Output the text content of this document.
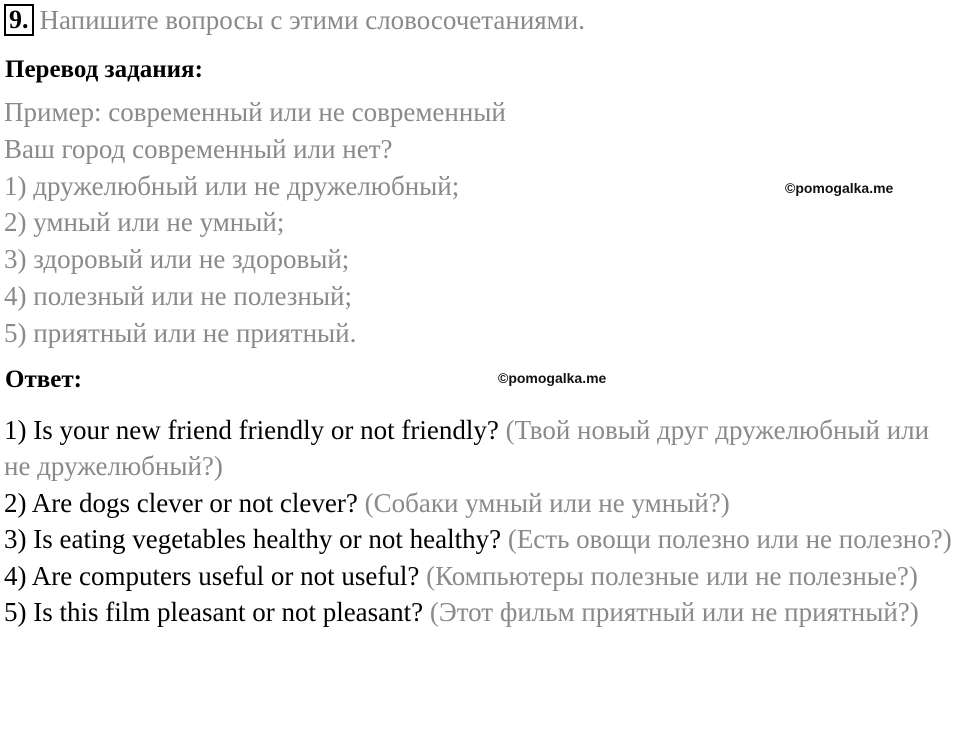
9. Напишите вопросы с этими словосочетаниями.
Перевод задания:
Пример: современный или не современный
Ваш город современный или нет?
1) дружелюбный или не дружелюбный;
2) умный или не умный;
3) здоровый или не здоровый;
4) полезный или не полезный;
5) приятный или не приятный.
©pomogalka.me
Ответ:	©pomogalka.me
1) Is your new friend friendly or not friendly? (Твой новый друг дружелюбный или не дружелюбный?)
2) Are dogs clever or not clever? (Собаки умный или не умный?)
3) Is eating vegetables healthy or not healthy? (Есть овощи полезно или не полезно?)
4) Are computers useful or not useful? (Компьютеры полезные или не полезные?)
5) Is this film pleasant or not pleasant? (Этот фильм приятный или не приятный?)
